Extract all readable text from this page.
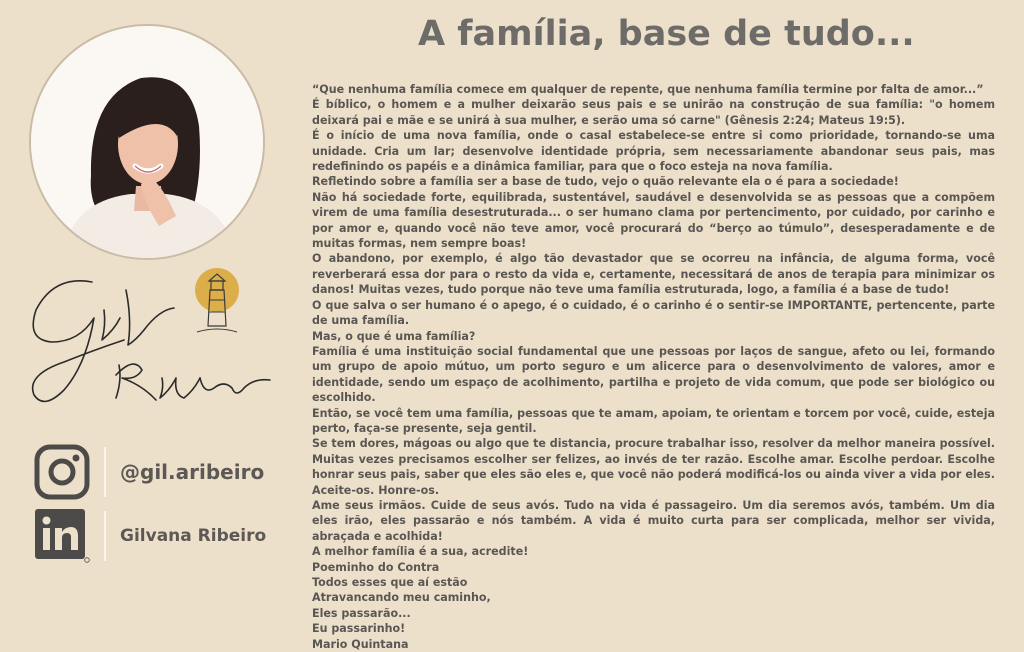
@gil.aribeiro
Gilvana Ribeiro
A família, base de tudo...

“Que nenhuma família comece em qualquer de repente, que nenhuma família termine por falta de amor...”

É bíblico, o homem e a mulher deixarão seus pais e se unirão na construção de sua família: "o homem deixará pai e mãe e se unirá à sua mulher, e serão uma só carne" (Gênesis 2:24; Mateus 19:5).

É o início de uma nova família, onde o casal estabelece-se entre si como prioridade, tornando-se uma unidade. Cria um lar; desenvolve identidade própria, sem necessariamente abandonar seus pais, mas redefinindo os papéis e a dinâmica familiar, para que o foco esteja na nova família.

Refletindo sobre a família ser a base de tudo, vejo o quão relevante ela o é para a sociedade!

Não há sociedade forte, equilibrada, sustentável, saudável e desenvolvida se as pessoas que a compõem virem de uma família desestruturada... o ser humano clama por pertencimento, por cuidado, por carinho e por amor e, quando você não teve amor, você procurará do “berço ao túmulo”, desesperadamente e de muitas formas, nem sempre boas!

O abandono, por exemplo, é algo tão devastador que se ocorreu na infância, de alguma forma, você reverberará essa dor para o resto da vida e, certamente, necessitará de anos de terapia para minimizar os danos! Muitas vezes, tudo porque não teve uma família estruturada, logo, a família é a base de tudo!

O que salva o ser humano é o apego, é o cuidado, é o carinho é o sentir-se IMPORTANTE, pertencente, parte de uma família.

Mas, o que é uma família?

Família é uma instituição social fundamental que une pessoas por laços de sangue, afeto ou lei, formando um grupo de apoio mútuo, um porto seguro e um alicerce para o desenvolvimento de valores, amor e identidade, sendo um espaço de acolhimento, partilha e projeto de vida comum, que pode ser biológico ou escolhido.

Então, se você tem uma família, pessoas que te amam, apoiam, te orientam e torcem por você, cuide, esteja perto, faça-se presente, seja gentil.

Se tem dores, mágoas ou algo que te distancia, procure trabalhar isso, resolver da melhor maneira possível. Muitas vezes precisamos escolher ser felizes, ao invés de ter razão. Escolhe amar. Escolhe perdoar. Escolhe honrar seus pais, saber que eles são eles e, que você não poderá modificá-los ou ainda viver a vida por eles. Aceite-os. Honre-os.

Ame seus irmãos. Cuide de seus avós. Tudo na vida é passageiro. Um dia seremos avós, também. Um dia eles irão, eles passarão e nós também. A vida é muito curta para ser complicada, melhor ser vivida, abraçada e acolhida!

A melhor família é a sua, acredite!

Poeminho do Contra

Todos esses que aí estão

Atravancando meu caminho,

Eles passarão...

Eu passarinho!

Mario Quintana
